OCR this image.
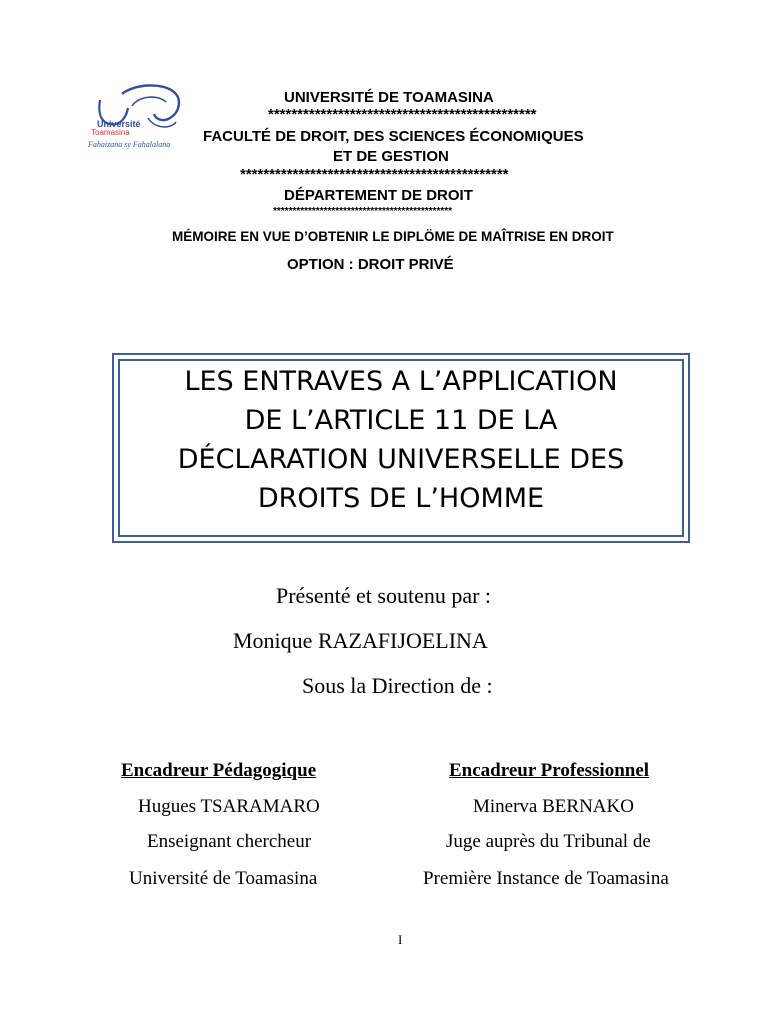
Université
Toamasina
Fahaizana sy Fahalalana
UNIVERSITÉ DE TOAMASINA
**********************************************
FACULTÉ DE DROIT, DES SCIENCES ÉCONOMIQUES
ET DE GESTION
**********************************************
DÉPARTEMENT DE DROIT
**********************************************
MÉMOIRE EN VUE D’OBTENIR LE DIPLÖME DE MAÎTRISE EN DROIT
OPTION : DROIT PRIVÉ
LES ENTRAVES A L’APPLICATION
DE L’ARTICLE 11 DE LA
DÉCLARATION UNIVERSELLE DES
DROITS DE L’HOMME
Présenté et soutenu par :
Monique RAZAFIJOELINA
Sous la Direction de :
Encadreur Pédagogique
Hugues TSARAMARO
Enseignant chercheur
Université de Toamasina
Encadreur Professionnel
Minerva BERNAKO
Juge auprès du Tribunal de
Première Instance de Toamasina
I
